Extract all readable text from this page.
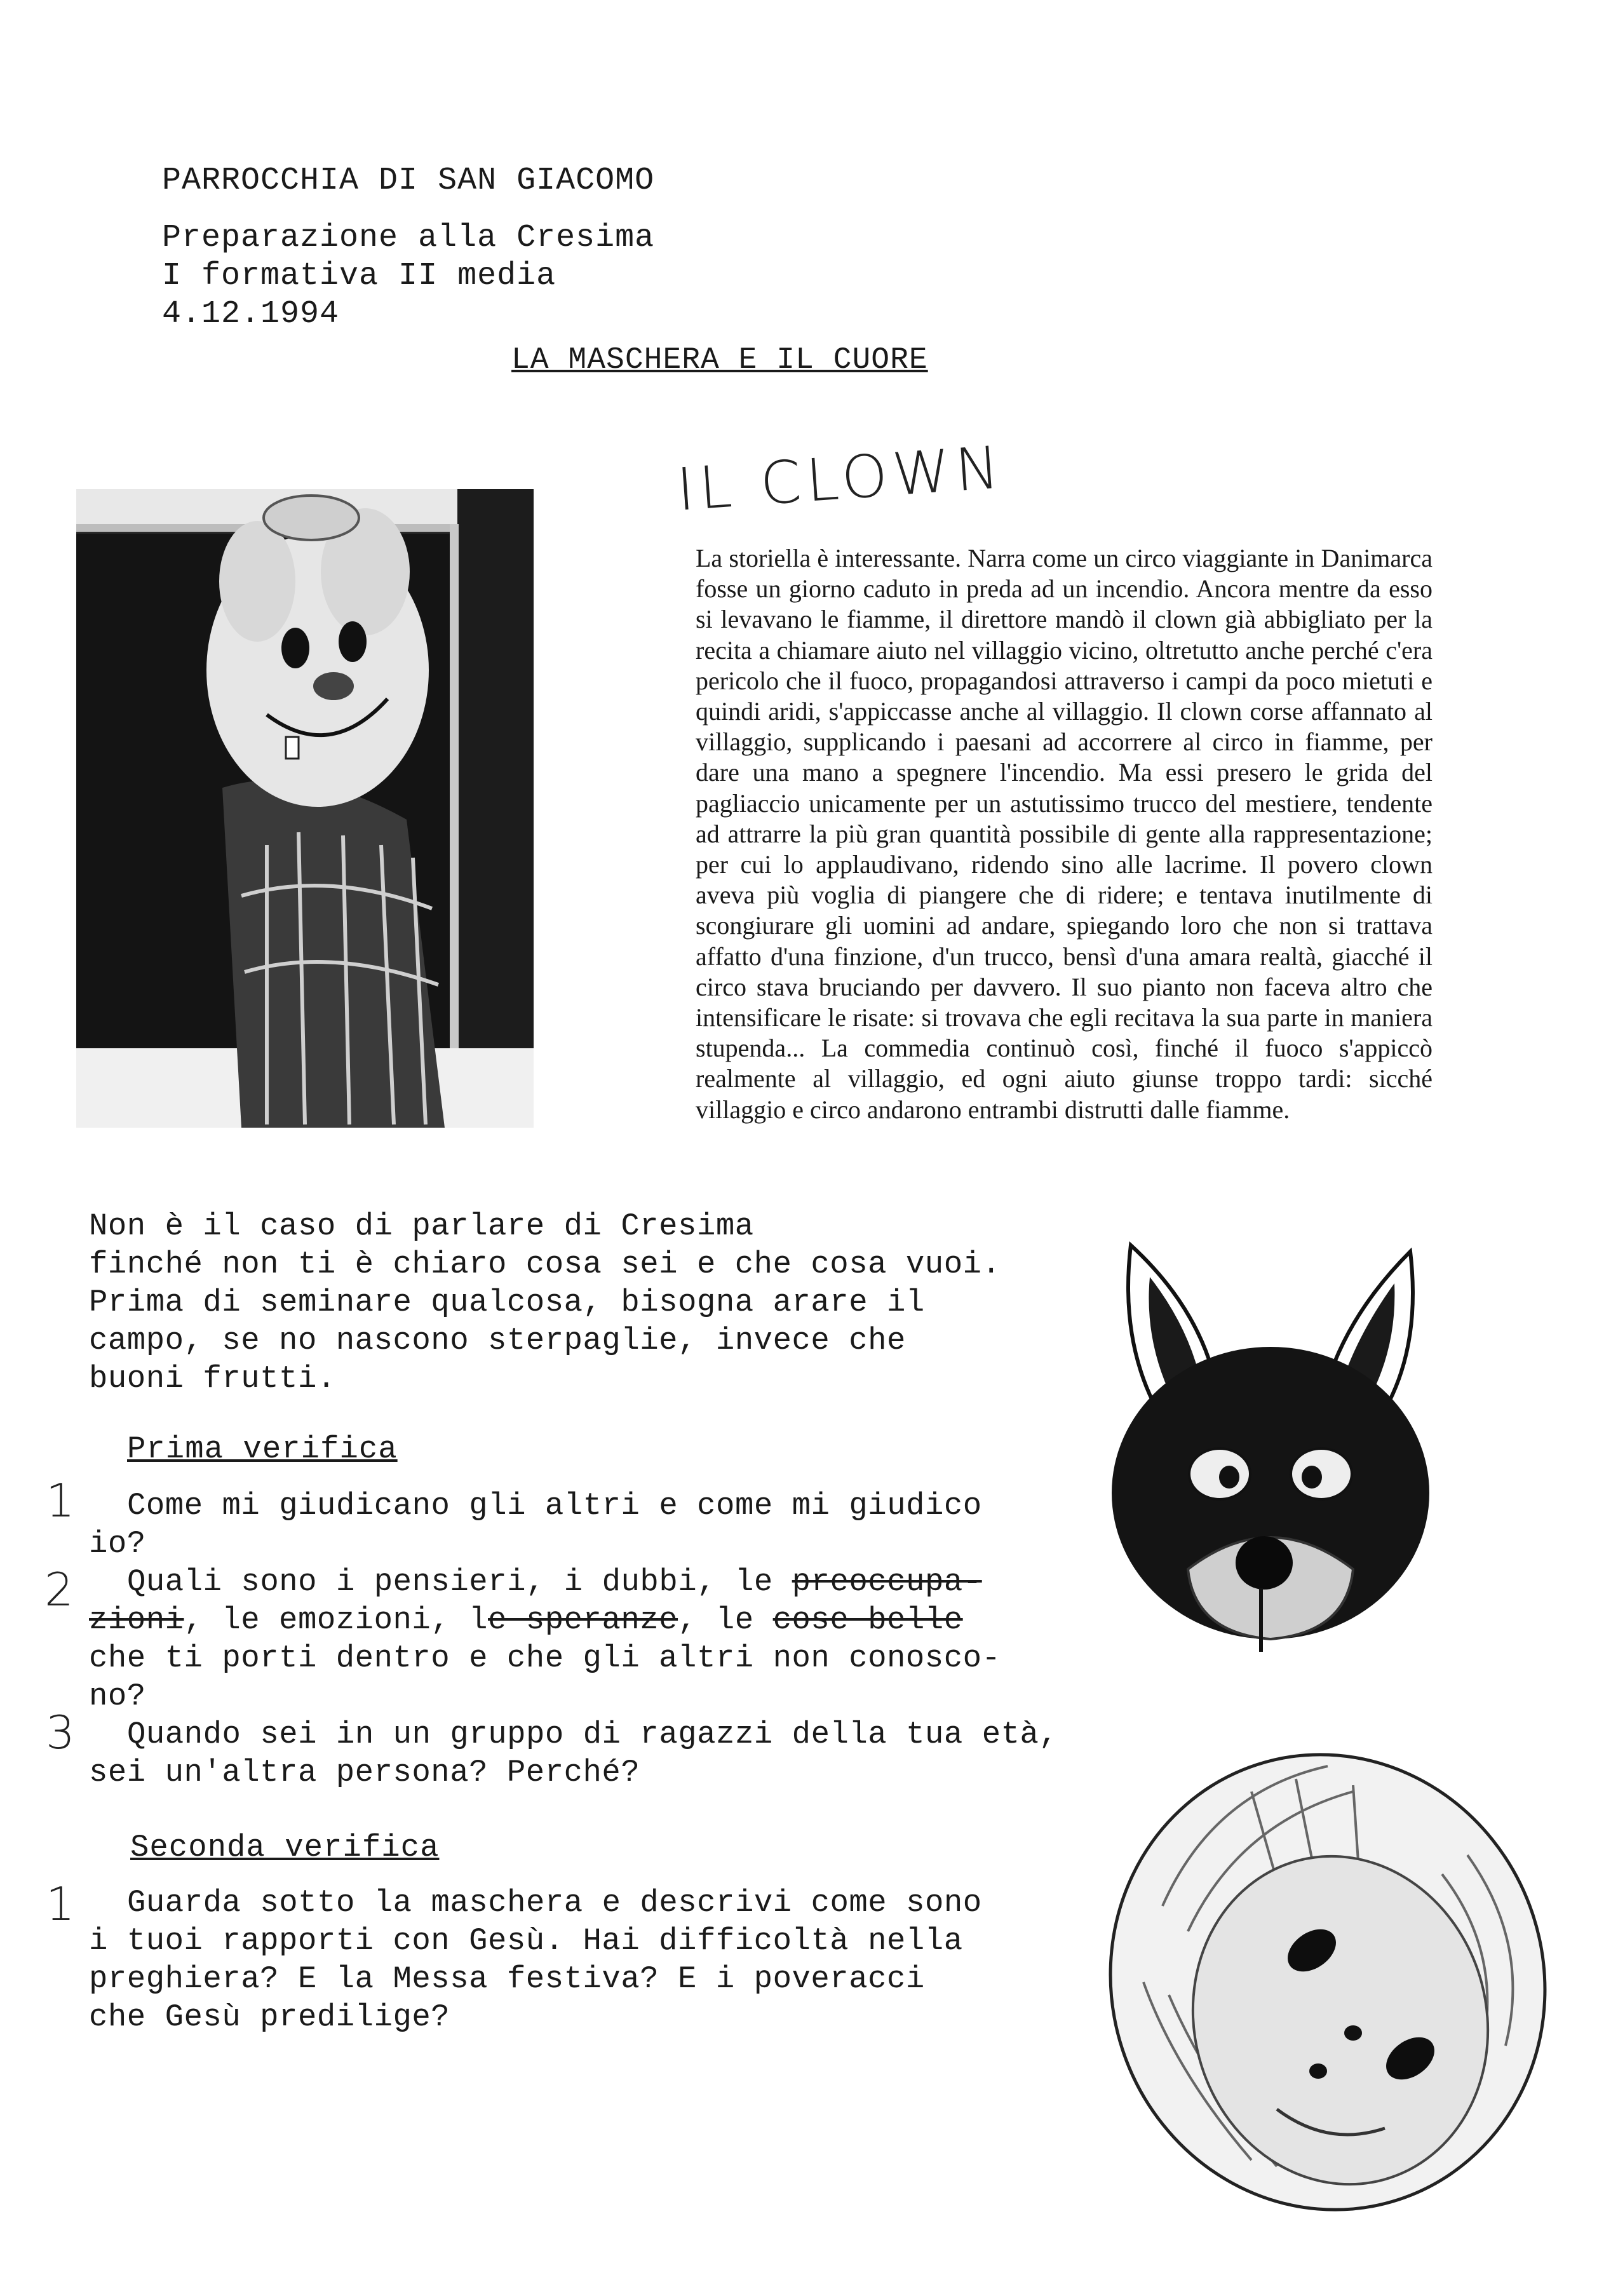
PARROCCHIA DI SAN GIACOMO
Preparazione alla Cresima
I formativa II media
4.12.1994
LA MASCHERA E IL CUORE
IL CLOWN

La storiella è interessante. Narra come un circo viaggiante in Danimarca fosse un giorno caduto in preda ad un incendio. Ancora mentre da esso si levavano le fiamme, il direttore mandò il clown già abbigliato per la recita a chiamare aiuto nel villaggio vicino, oltretutto anche perché c'era pericolo che il fuoco, propagandosi attraverso i campi da poco mietuti e quindi aridi, s'appiccasse anche al villaggio. Il clown corse affannato al villaggio, supplicando i paesani ad accorrere al circo in fiamme, per dare una mano a spegnere l'incendio. Ma essi presero le grida del pagliaccio unicamente per un astutissimo trucco del mestiere, tendente ad attrarre la più gran quantità possibile di gente alla rappresentazione; per cui lo applaudivano, ridendo sino alle lacrime. Il povero clown aveva più voglia di piangere che di ridere; e tentava inutilmente di scongiurare gli uomini ad andare, spiegando loro che non si trattava affatto d'una finzione, d'un trucco, bensì d'una amara realtà, giacché il circo stava bruciando per davvero. Il suo pianto non faceva altro che intensificare le risate: si trovava che egli recitava la sua parte in maniera stupenda... La commedia continuò così, finché il fuoco s'appiccò realmente al villaggio, ed ogni aiuto giunse troppo tardi: sicché villaggio e circo andarono entrambi distrutti dalle fiamme.

Non è il caso di parlare di Cresima
finché non ti è chiaro cosa sei e che cosa vuoi.
Prima di seminare qualcosa, bisogna arare il
campo, se no nascono sterpaglie, invece che
buoni frutti.
Prima verifica
1	Come mi giudicano gli altri e come mi giudico
io?
2	Quali sono i pensieri, i dubbi, le preoccupa-
zioni, le emozioni, le speranze, le cose belle
che ti porti dentro e che gli altri non conosco-
no?
3	Quando sei in un gruppo di ragazzi della tua età,
sei un'altra persona? Perché?
Seconda verifica
1	Guarda sotto la maschera e descrivi come sono
i tuoi rapporti con Gesù. Hai difficoltà nella
preghiera? E la Messa festiva? E i poveracci
che Gesù predilige?
